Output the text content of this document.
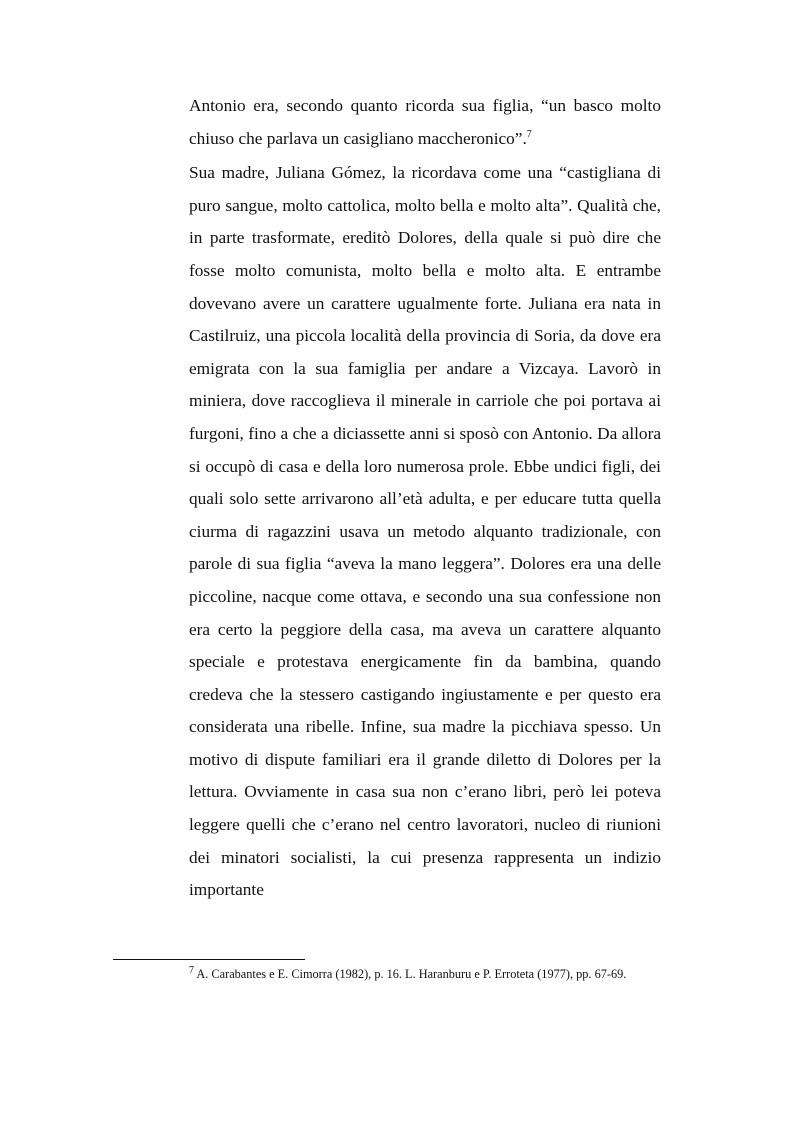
Antonio era, secondo quanto ricorda sua figlia, “un basco molto chiuso che parlava un casigliano maccheronico”.$^7$

Sua madre, Juliana Gómez, la ricordava come una “castigliana di puro sangue, molto cattolica, molto bella e molto alta”. Qualità che, in parte trasformate, ereditò Dolores, della quale si può dire che fosse molto comunista, molto bella e molto alta. E entrambe dovevano avere un carattere ugualmente forte. Juliana era nata in Castilruiz, una piccola località della provincia di Soria, da dove era emigrata con la sua famiglia per andare a Vizcaya. Lavorò in miniera, dove raccoglieva il minerale in carriole che poi portava ai furgoni, fino a che a diciassette anni si sposò con Antonio. Da allora si occupò di casa e della loro numerosa prole. Ebbe undici figli, dei quali solo sette arrivarono all’età adulta, e per educare tutta quella ciurma di ragazzini usava un metodo alquanto tradizionale, con parole di sua figlia “aveva la mano leggera”. Dolores era una delle piccoline, nacque come ottava, e secondo una sua confessione non era certo la peggiore della casa, ma aveva un carattere alquanto speciale e protestava energicamente fin da bambina, quando credeva che la stessero castigando ingiustamente e per questo era considerata una ribelle. Infine, sua madre la picchiava spesso. Un motivo di dispute familiari era il grande diletto di Dolores per la lettura. Ovviamente in casa sua non c’erano libri, però lei poteva leggere quelli che c’erano nel centro lavoratori, nucleo di riunioni dei minatori socialisti, la cui presenza rappresenta un indizio importante

$^7$ A. Carabantes e E. Cimorra (1982), p. 16. L. Haranburu e P. Erroteta (1977), pp. 67-69.
